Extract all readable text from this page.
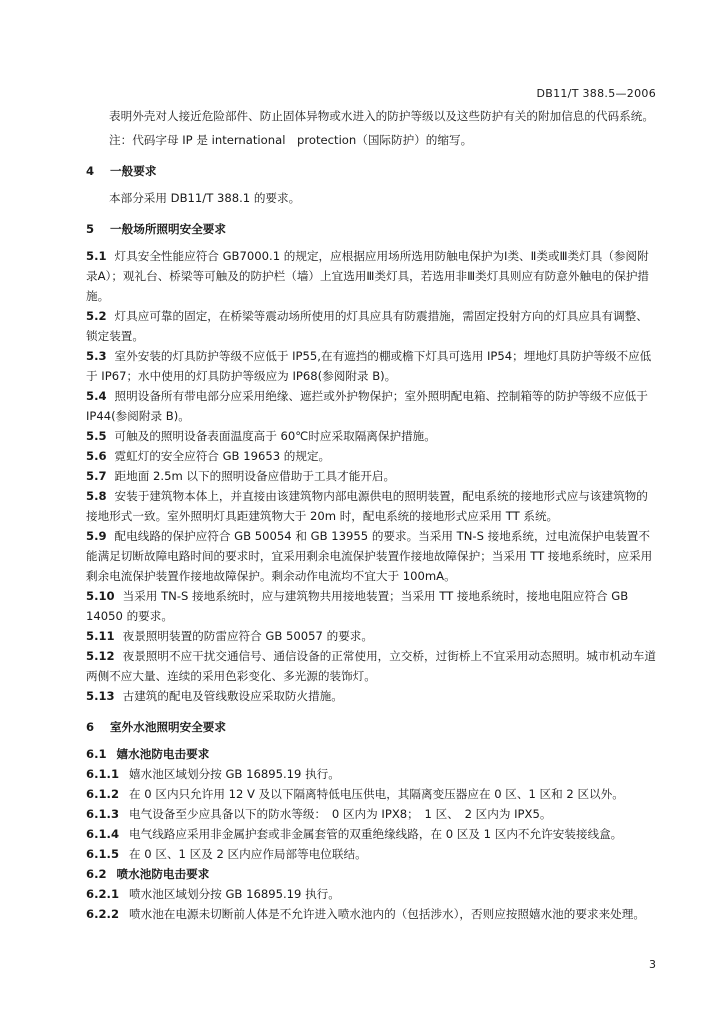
DB11/T 388.5—2006

表明外壳对人接近危险部件、防止固体异物或水进入的防护等级以及这些防护有关的附加信息的代码系统。

注：代码字母 IP 是 international　protection（国际防护）的缩写。

4 一般要求

本部分采用 DB11/T 388.1 的要求。

5 一般场所照明安全要求

5.1 灯具安全性能应符合 GB7000.1 的规定，应根据应用场所选用防触电保护为Ⅰ类、Ⅱ类或Ⅲ类灯具（参阅附录A）；观礼台、桥梁等可触及的防护栏（墙）上宜选用Ⅲ类灯具，若选用非Ⅲ类灯具则应有防意外触电的保护措施。

5.2 灯具应可靠的固定，在桥梁等震动场所使用的灯具应具有防震措施，需固定投射方向的灯具应具有调整、锁定装置。

5.3 室外安装的灯具防护等级不应低于 IP55,在有遮挡的棚或檐下灯具可选用 IP54；埋地灯具防护等级不应低于 IP67；水中使用的灯具防护等级应为 IP68(参阅附录 B)。

5.4 照明设备所有带电部分应采用绝缘、遮拦或外护物保护；室外照明配电箱、控制箱等的防护等级不应低于 IP44(参阅附录 B)。

5.5 可触及的照明设备表面温度高于 60℃时应采取隔离保护措施。

5.6 霓虹灯的安全应符合 GB 19653 的规定。

5.7 距地面 2.5m 以下的照明设备应借助于工具才能开启。

5.8 安装于建筑物本体上，并直接由该建筑物内部电源供电的照明装置，配电系统的接地形式应与该建筑物的接地形式一致。室外照明灯具距建筑物大于 20m 时，配电系统的接地形式应采用 TT 系统。

5.9 配电线路的保护应符合 GB 50054 和 GB 13955 的要求。当采用 TN-S 接地系统，过电流保护电装置不能满足切断故障电路时间的要求时，宜采用剩余电流保护装置作接地故障保护；当采用 TT 接地系统时，应采用剩余电流保护装置作接地故障保护。剩余动作电流均不宜大于 100mA。

5.10 当采用 TN-S 接地系统时，应与建筑物共用接地装置；当采用 TT 接地系统时，接地电阻应符合 GB 14050 的要求。

5.11 夜景照明装置的防雷应符合 GB 50057 的要求。

5.12 夜景照明不应干扰交通信号、通信设备的正常使用，立交桥，过街桥上不宜采用动态照明。城市机动车道两侧不应大量、连续的采用色彩变化、多光源的装饰灯。

5.13 古建筑的配电及管线敷设应采取防火措施。

6 室外水池照明安全要求

6.1 嬉水池防电击要求

6.1.1 嬉水池区域划分按 GB 16895.19 执行。

6.1.2 在 0 区内只允许用 12 V 及以下隔离特低电压供电，其隔离变压器应在 0 区、1 区和 2 区以外。

6.1.3 电气设备至少应具备以下的防水等级：　0 区内为 IPX8；　1 区、　2 区内为 IPX5。

6.1.4 电气线路应采用非金属护套或非金属套管的双重绝缘线路，在 0 区及 1 区内不允许安装接线盒。

6.1.5 在 0 区、1 区及 2 区内应作局部等电位联结。

6.2 喷水池防电击要求

6.2.1 喷水池区域划分按 GB 16895.19 执行。

6.2.2 喷水池在电源未切断前人体是不允许进入喷水池内的（包括涉水），否则应按照嬉水池的要求来处理。

3
